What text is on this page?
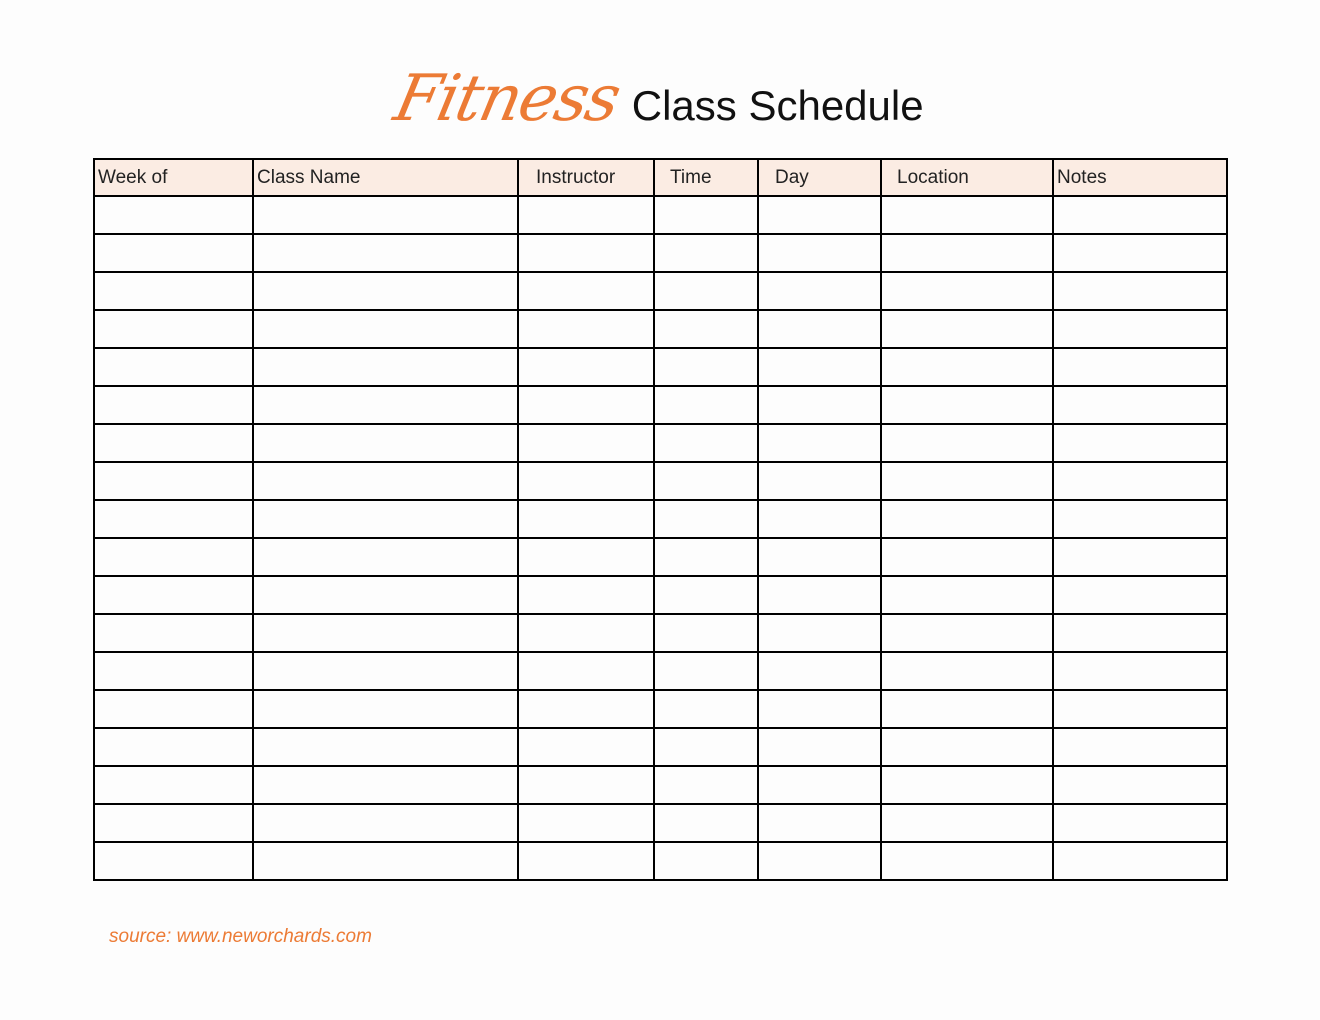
Fitness Class Schedule
Week of	Class Name	Instructor	Time	Day	Location	Notes

source: www.neworchards.com
